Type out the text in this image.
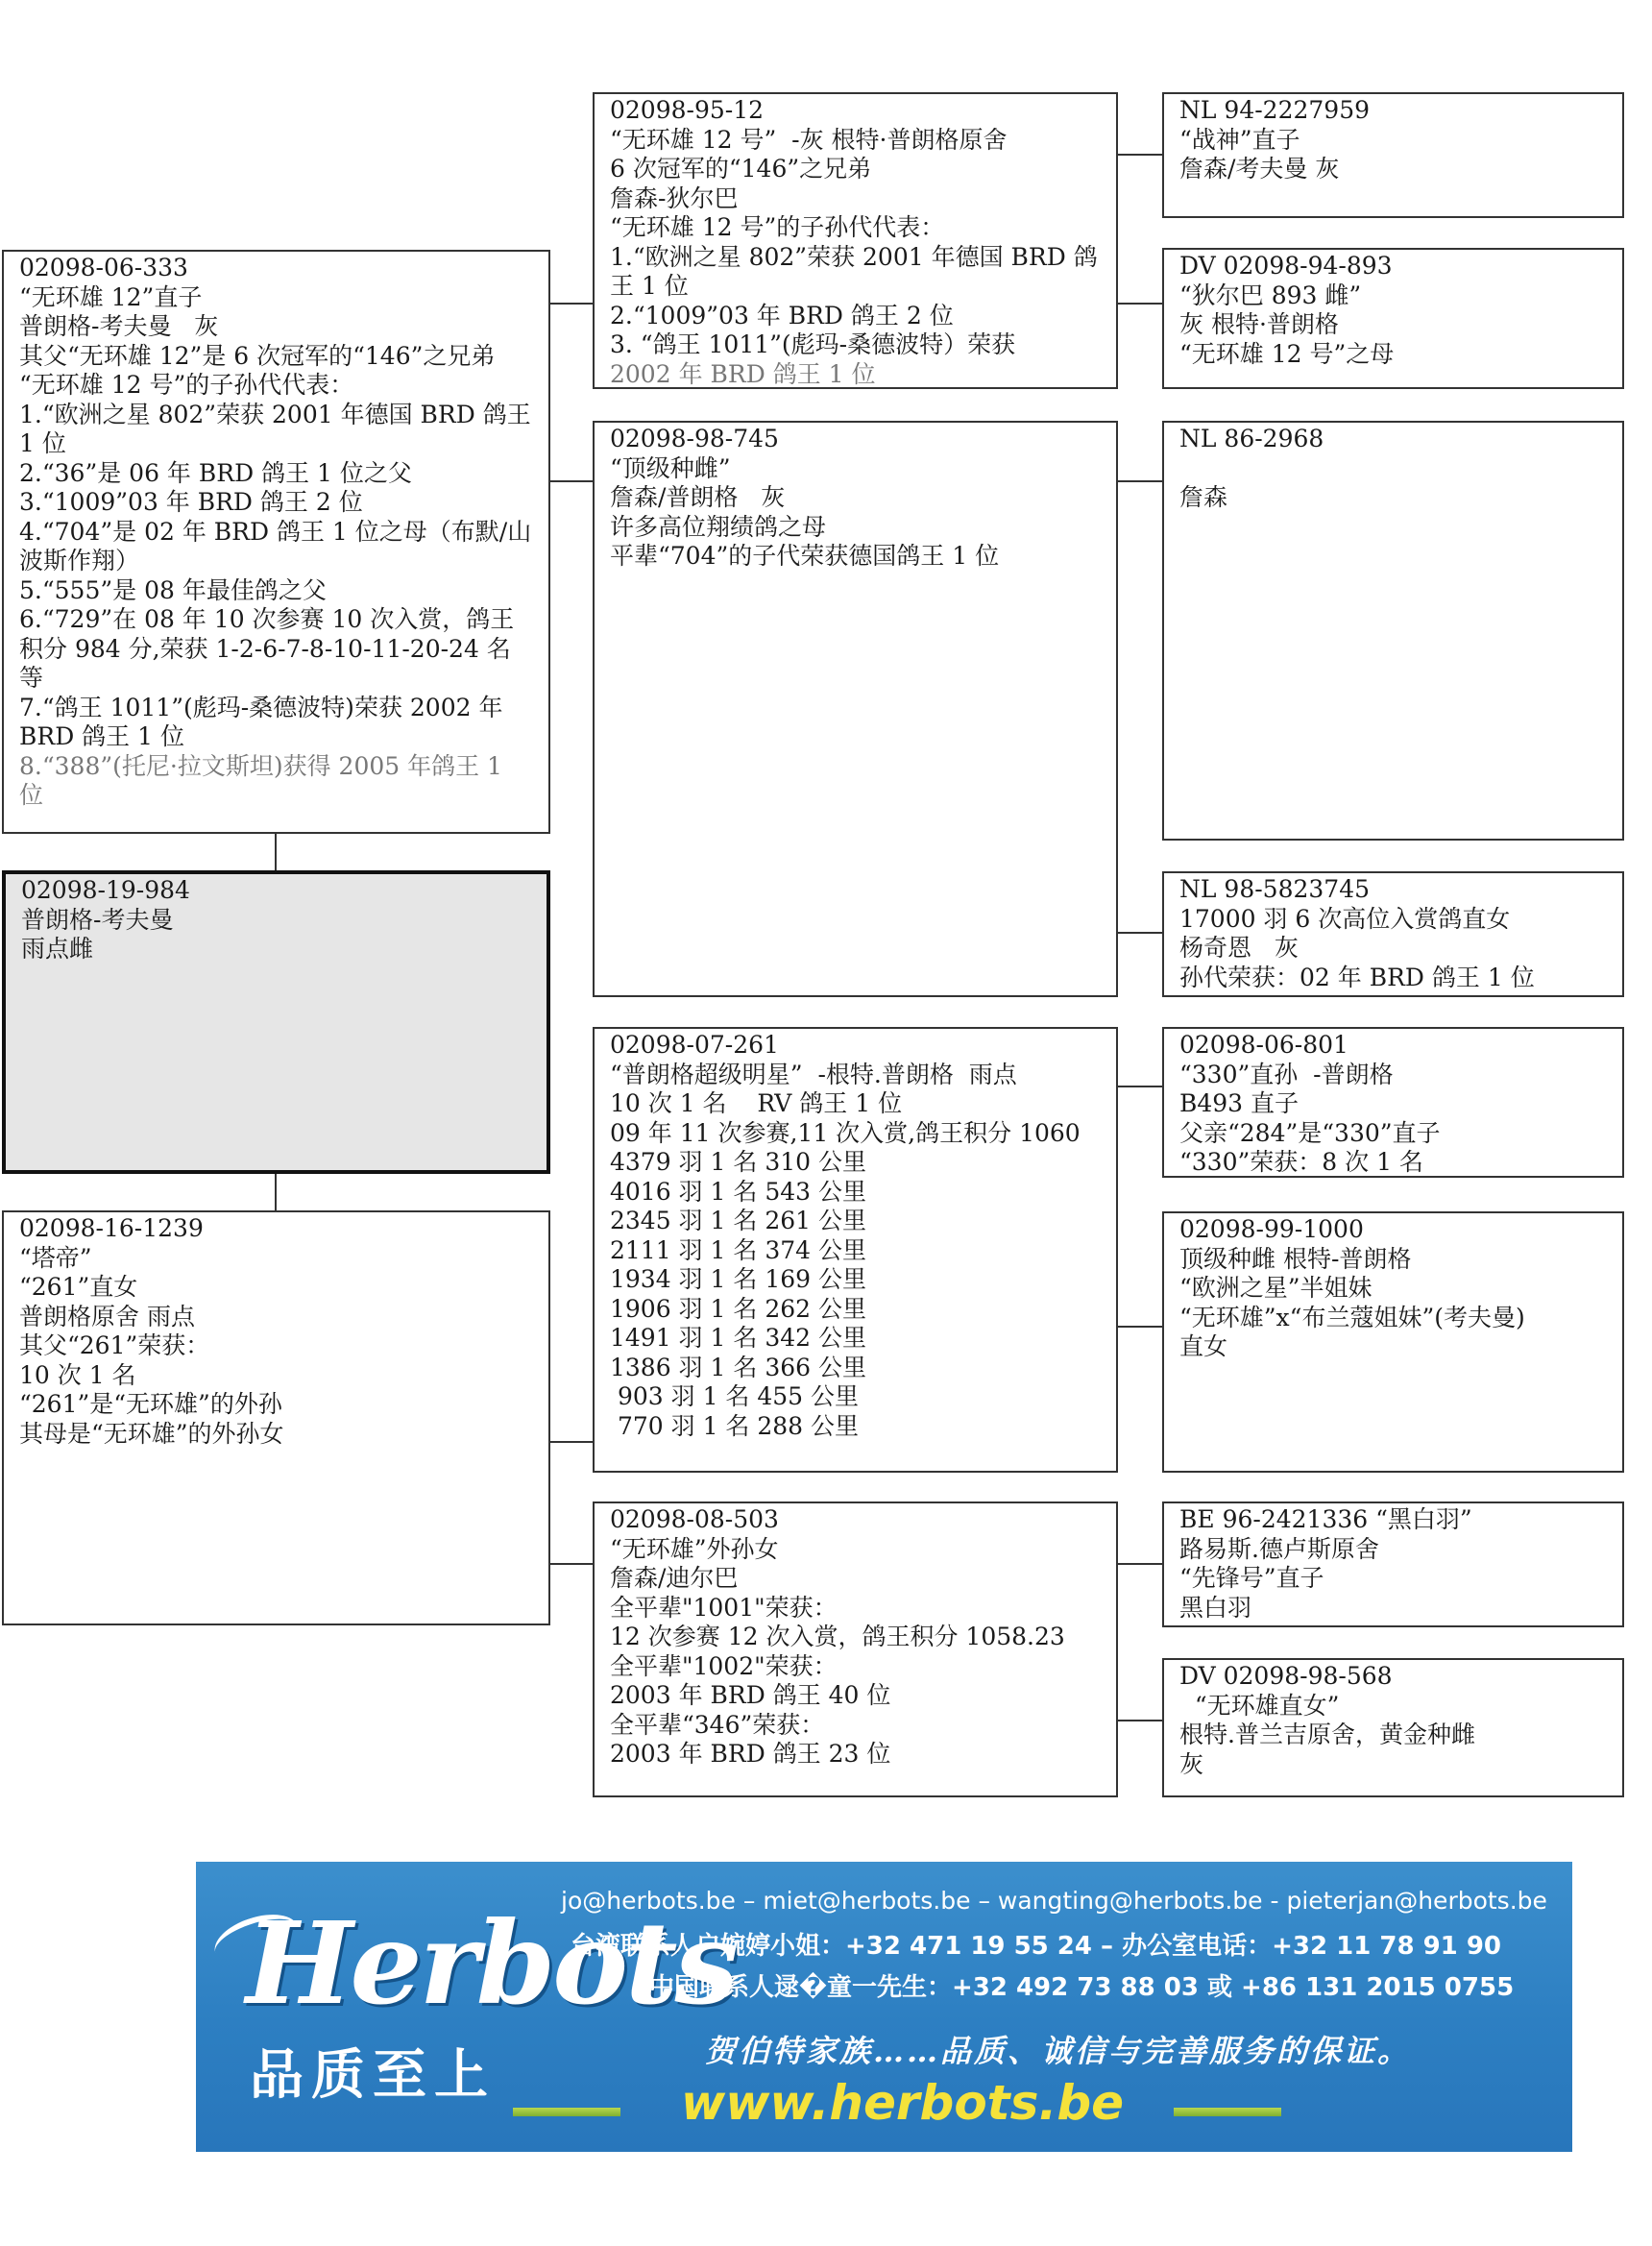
02098-06-333
“无环雄 12”直子
普朗格-考夫曼   灰
其父“无环雄 12”是 6 次冠军的“146”之兄弟
“无环雄 12 号”的子孙代代表：
1.“欧洲之星 802”荣获 2001 年德国 BRD 鸽王 1 位
2.“36”是 06 年 BRD 鸽王 1 位之父
3.“1009”03 年 BRD 鸽王 2 位
4.“704”是 02 年 BRD 鸽王 1 位之母（布默/山波斯作翔）
5.“555”是 08 年最佳鸽之父
6.“729”在 08 年 10 次参赛 10 次入赏，鸽王积分 984 分,荣获 1-2-6-7-8-10-11-20-24 名等
7.“鸽王 1011”(彪玛-桑德波特)荣获 2002 年 BRD 鸽王 1 位
8.“388”(托尼·拉文斯坦)获得 2005 年鸽王 1 位
02098-19-984
普朗格-考夫曼
雨点雌
02098-16-1239
“塔帝”
“261”直女
普朗格原舍 雨点
其父“261”荣获：
10 次 1 名
“261”是“无环雄”的外孙
其母是“无环雄”的外孙女
02098-95-12
“无环雄 12 号”  -灰 根特·普朗格原舍
6 次冠军的“146”之兄弟
詹森-狄尔巴
“无环雄 12 号”的子孙代代表：
1.“欧洲之星 802”荣获 2001 年德国 BRD 鸽王 1 位
2.“1009”03 年 BRD 鸽王 2 位
3. “鸽王 1011”(彪玛-桑德波特）荣获
2002 年 BRD 鸽王 1 位
02098-98-745
“顶级种雌”
詹森/普朗格   灰
许多高位翔绩鸽之母
平辈“704”的子代荣获德国鸽王 1 位
02098-07-261
“普朗格超级明星”  -根特.普朗格  雨点
10 次 1 名    RV 鸽王 1 位
09 年 11 次参赛,11 次入赏,鸽王积分 1060
4379 羽 1 名 310 公里
4016 羽 1 名 543 公里
2345 羽 1 名 261 公里
2111 羽 1 名 374 公里
1934 羽 1 名 169 公里
1906 羽 1 名 262 公里
1491 羽 1 名 342 公里
1386 羽 1 名 366 公里
903 羽 1 名 455 公里
770 羽 1 名 288 公里
02098-08-503
“无环雄”外孙女
詹森/迪尔巴
全平辈"1001"荣获：
12 次参赛 12 次入赏，鸽王积分 1058.23
全平辈"1002"荣获：
2003 年 BRD 鸽王 40 位
全平辈“346”荣获：
2003 年 BRD 鸽王 23 位
NL 94-2227959
“战神”直子
詹森/考夫曼 灰
DV 02098-94-893
“狄尔巴 893 雌”
灰 根特·普朗格
“无环雄 12 号”之母
NL 86-2968

詹森
NL 98-5823745
17000 羽 6 次高位入赏鸽直女
杨奇恩   灰
孙代荣获：02 年 BRD 鸽王 1 位
02098-06-801
“330”直孙  -普朗格
B493 直子
父亲“284”是“330”直子
“330”荣获：8 次 1 名
02098-99-1000
顶级种雌 根特-普朗格
“欧洲之星”半姐妹
“无环雄”x“布兰蔻姐妹”(考夫曼)
直女
BE 96-2421336 “黑白羽”
路易斯.德卢斯原舍
“先锋号”直子
黑白羽
DV 02098-98-568
“无环雄直女”
根特.普兰吉原舍，黄金种雌
灰
Herbots
品质至上
jo@herbots.be – miet@herbots.be – wangting@herbots.be - pieterjan@herbots.be
台湾联系人户婉婷小姐：+32 471 19 55 24 – 办公室电话：+32 11 78 91 90
中国联系人逯�童一先生：+32 492 73 88 03 或 +86 131 2015 0755
贺伯特家族……品质、诚信与完善服务的保证。
www.herbots.be
